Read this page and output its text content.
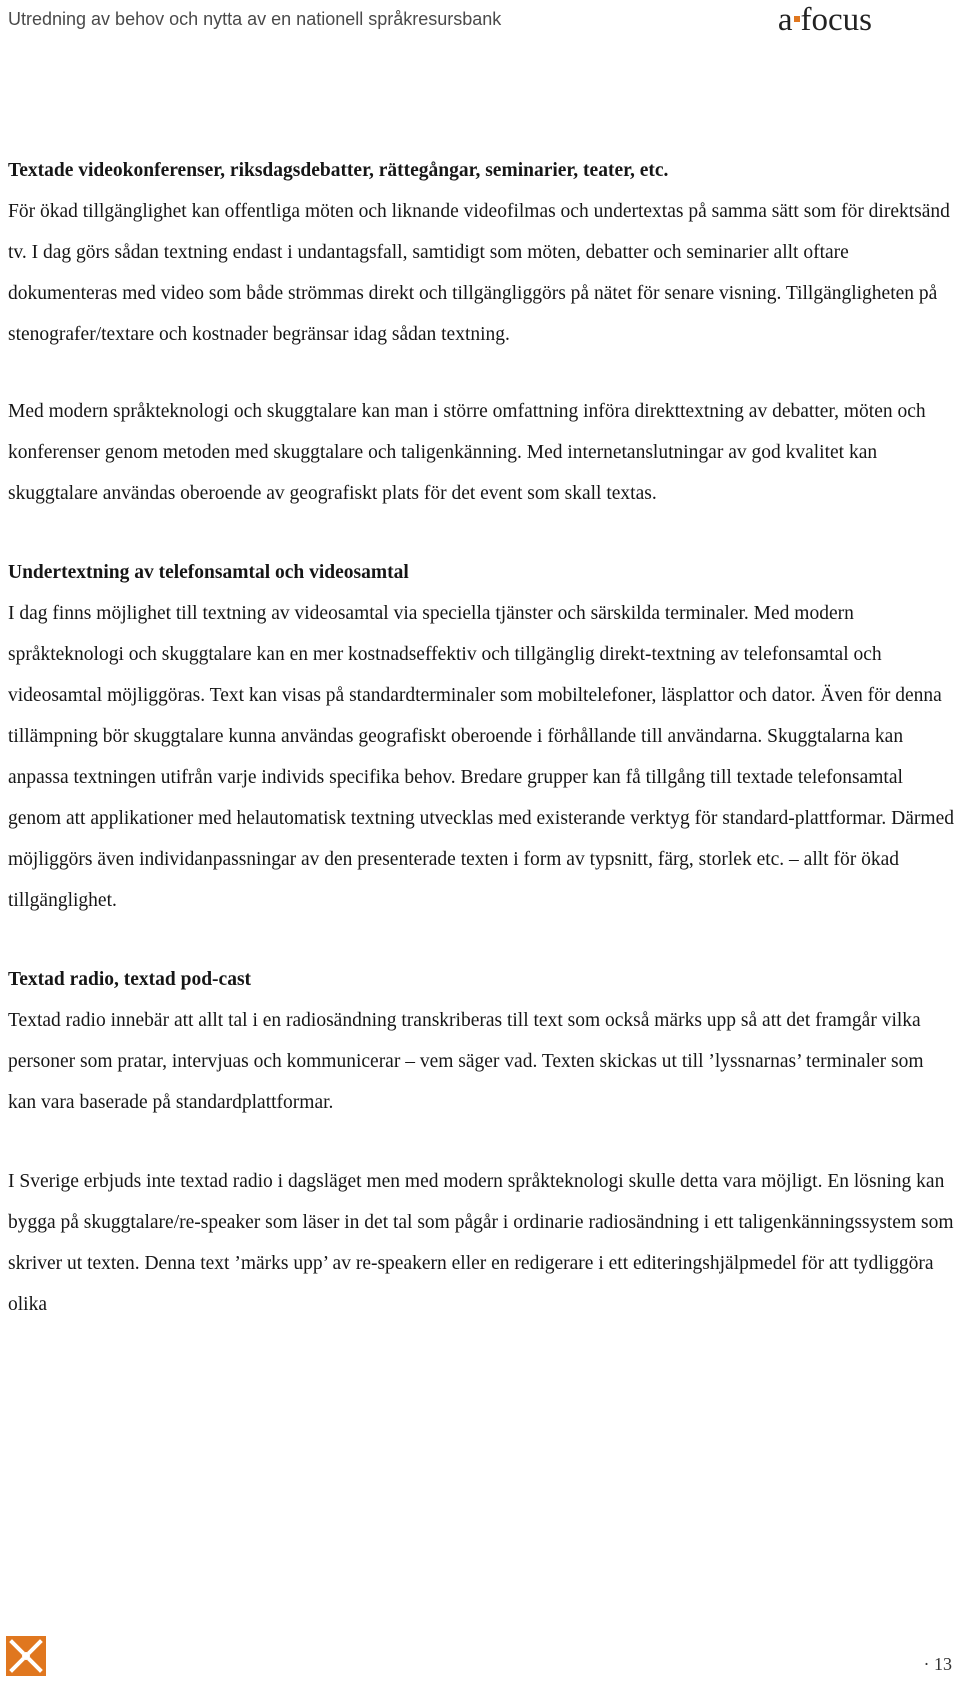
Utredning av behov och nytta av en nationell språkresursbank	a focus

Textade videokonferenser, riksdagsdebatter, rättegångar, seminarier, teater, etc.

För ökad tillgänglighet kan offentliga möten och liknande videofilmas och undertextas på samma sätt som för direktsänd tv. I dag görs sådan textning endast i undantagsfall, samtidigt som möten, debatter och seminarier allt oftare dokumenteras med video som både strömmas direkt och tillgängliggörs på nätet för senare visning. Tillgängligheten på stenografer/textare och kostnader begränsar idag sådan textning.

Med modern språkteknologi och skuggtalare kan man i större omfattning införa direkttextning av debatter, möten och konferenser genom metoden med skuggtalare och taligenkänning. Med internetanslutningar av god kvalitet kan skuggtalare användas oberoende av geografiskt plats för det event som skall textas.

Undertextning av telefonsamtal och videosamtal

I dag finns möjlighet till textning av videosamtal via speciella tjänster och särskilda terminaler. Med modern språkteknologi och skuggtalare kan en mer kostnadseffektiv och tillgänglig direkt-textning av telefonsamtal och videosamtal möjliggöras. Text kan visas på standardterminaler som mobiltelefoner, läsplattor och dator. Även för denna tillämpning bör skuggtalare kunna användas geografiskt oberoende i förhållande till användarna. Skuggtalarna kan anpassa textningen utifrån varje individs specifika behov. Bredare grupper kan få tillgång till textade telefonsamtal genom att applikationer med helautomatisk textning utvecklas med existerande verktyg för standard-plattformar. Därmed möjliggörs även individanpassningar av den presenterade texten i form av typsnitt, färg, storlek etc. – allt för ökad tillgänglighet.

Textad radio, textad pod-cast

Textad radio innebär att allt tal i en radiosändning transkriberas till text som också märks upp så att det framgår vilka personer som pratar, intervjuas och kommunicerar – vem säger vad. Texten skickas ut till ’lyssnarnas’ terminaler som kan vara baserade på standardplattformar.

I Sverige erbjuds inte textad radio i dagsläget men med modern språkteknologi skulle detta vara möjligt. En lösning kan bygga på skuggtalare/re-speaker som läser in det tal som pågår i ordinarie radiosändning i ett taligenkänningssystem som skriver ut texten. Denna text ’märks upp’ av re-speakern eller en redigerare i ett editeringshjälpmedel för att tydliggöra olika

· 13
